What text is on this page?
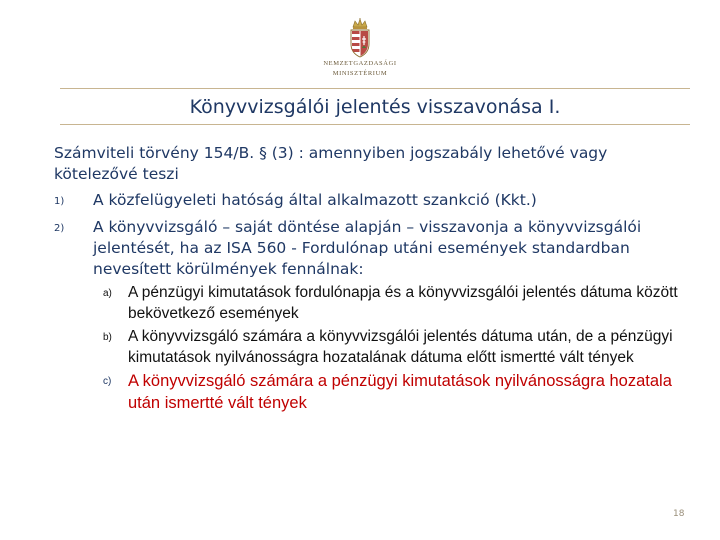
NEMZETGAZDASÁGI
MINISZTÉRIUM
Könyvvizsgálói jelentés visszavonása I.
Számviteli törvény 154/B. § (3) : amennyiben jogszabály lehetővé vagy kötelezővé teszi
1) A közfelügyeleti hatóság által alkalmazott szankció (Kkt.)
2) A könyvvizsgáló – saját döntése alapján – visszavonja a könyvvizsgálói jelentését, ha az ISA 560 - Fordulónap utáni események standardban nevesített körülmények fennálnak:
a) A pénzügyi kimutatások fordulónapja és a könyvvizsgálói jelentés dátuma között bekövetkező események
b) A könyvvizsgáló számára a könyvvizsgálói jelentés dátuma után, de a pénzügyi kimutatások nyilvánosságra hozatalának dátuma előtt ismertté vált tények
c) A könyvvizsgáló számára a pénzügyi kimutatások nyilvánosságra hozatala után ismertté vált tények
18
